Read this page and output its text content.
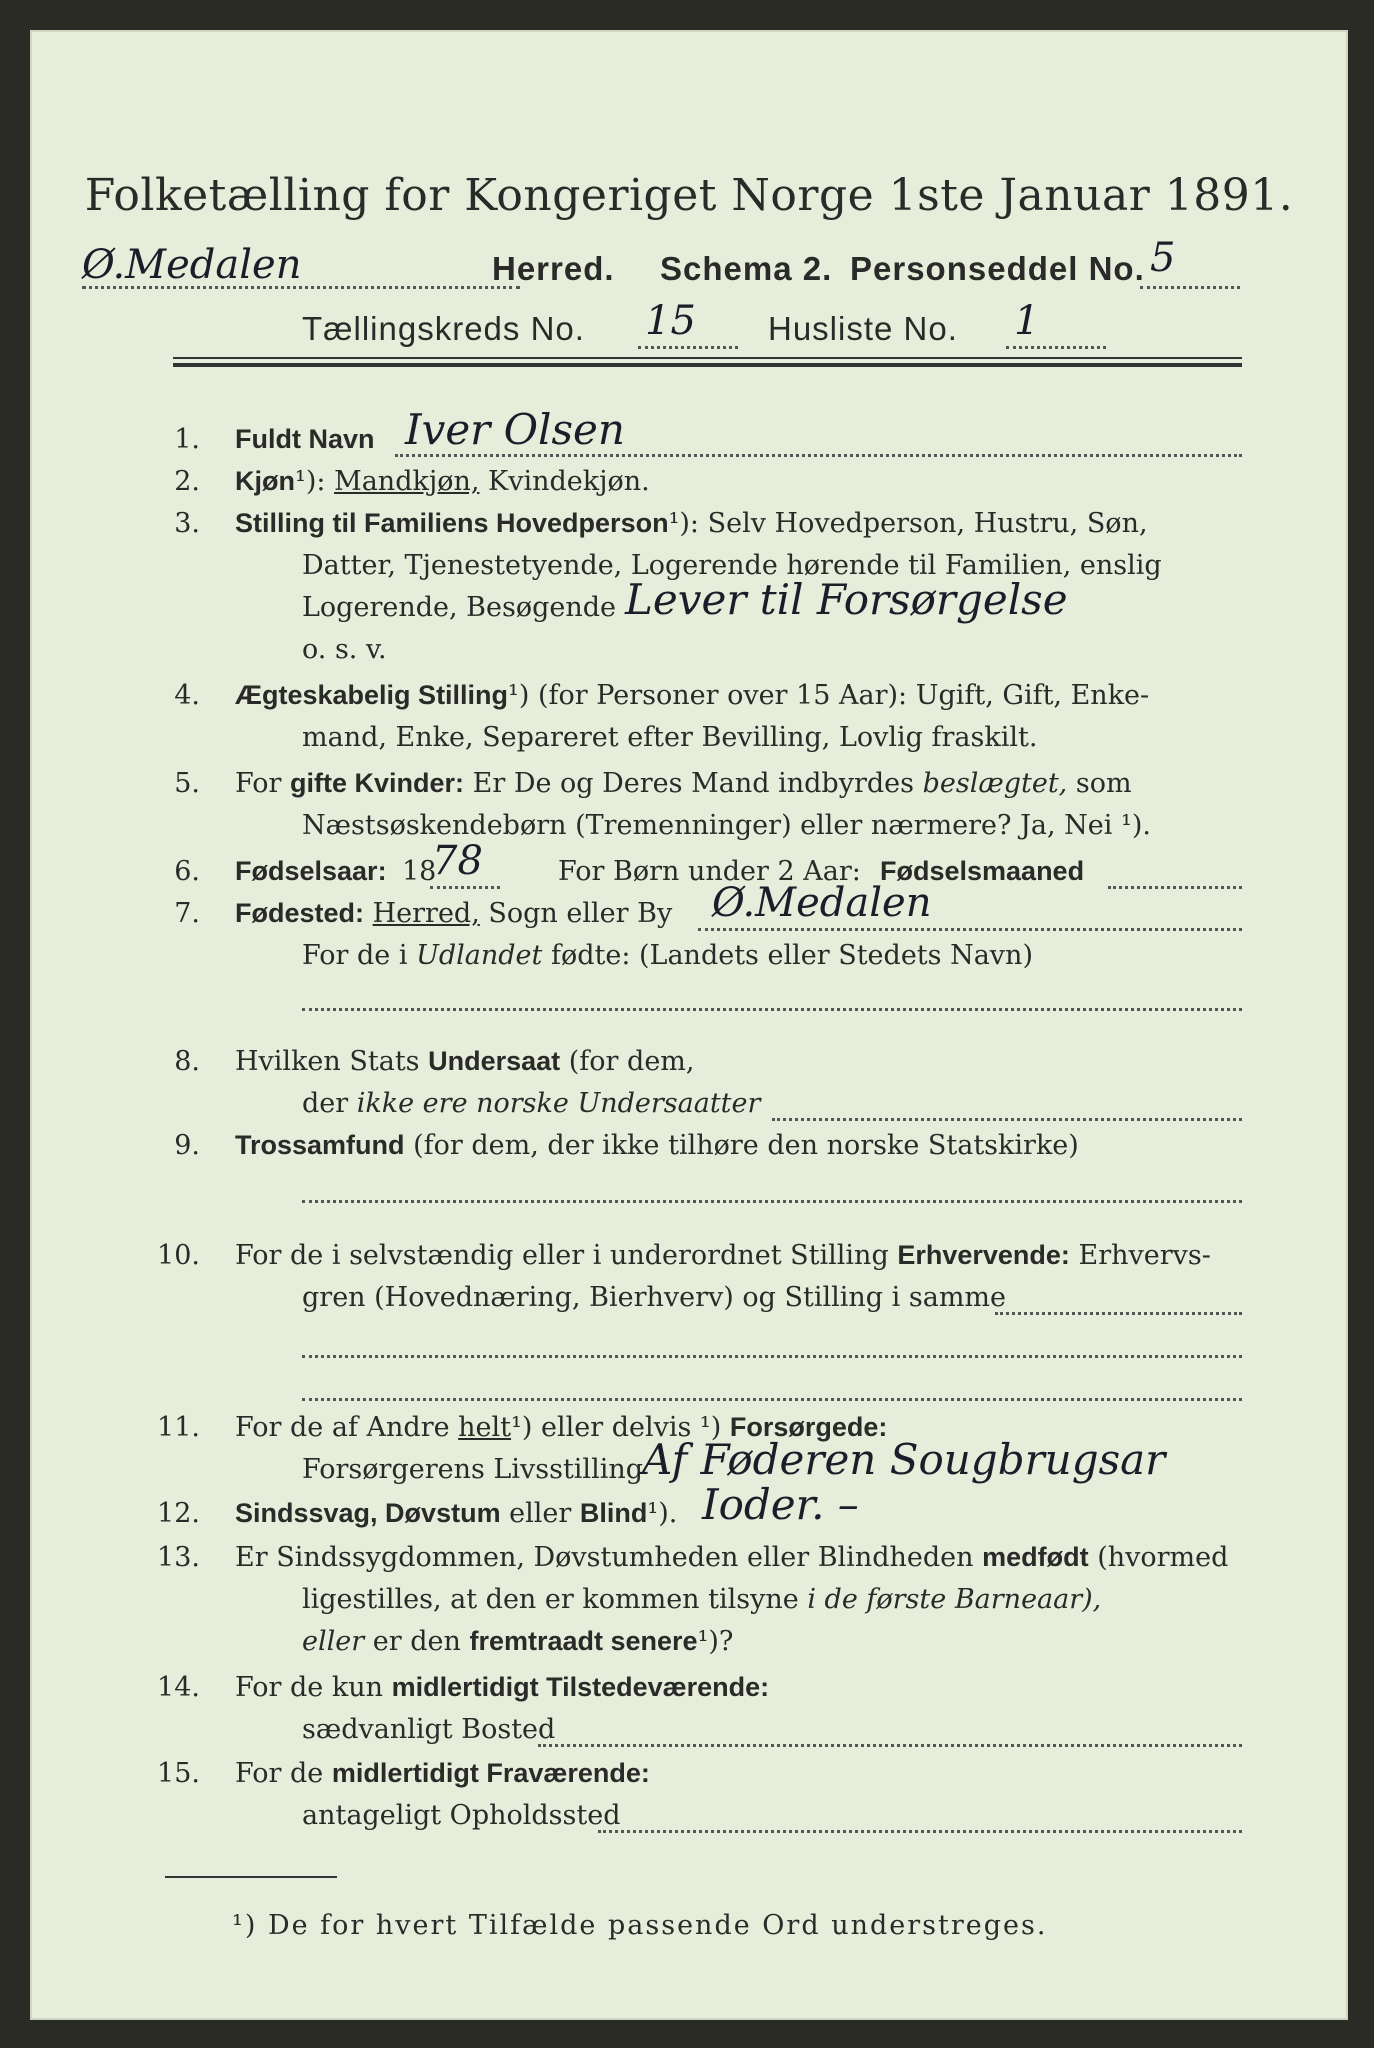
Folketælling for Kongeriget Norge 1ste Januar 1891.
Ø.Medalen	Herred. Schema 2. Personseddel No. 5
Tællingskreds No. 15 Husliste No. 1
1. Fuldt Navn Iver Olsen
2. Kjøn¹): Mandkjøn, Kvindekjøn.
3. Stilling til Familiens Hovedperson¹): Selv Hovedperson, Hustru, Søn,
Datter, Tjenestetyende, Logerende hørende til Familien, enslig
Logerende, Besøgende Lever til Forsørgelse
o. s. v.
4. Ægteskabelig Stilling¹) (for Personer over 15 Aar): Ugift, Gift, Enke-
mand, Enke, Separeret efter Bevilling, Lovlig fraskilt.
5. For gifte Kvinder: Er De og Deres Mand indbyrdes beslægtet, som
Næstsøskendebørn (Tremenninger) eller nærmere? Ja, Nei ¹).
6. Fødselsaar: 18
78	For Børn under 2 Aar: Fødselsmaaned
7. Fødested: Herred, Sogn eller By Ø.Medalen
For de i Udlandet fødte: (Landets eller Stedets Navn)
8. Hvilken Stats Undersaat (for dem,
der ikke ere norske Undersaatter
9. Trossamfund (for dem, der ikke tilhøre den norske Statskirke)
10. For de i selvstændig eller i underordnet Stilling Erhvervende: Erhvervs-
gren (Hovednæring, Bierhverv) og Stilling i samme
11. For de af Andre helt¹) eller delvis ¹) Forsørgede:
Forsørgerens Livsstilling
Af Føderen Sougbrugsar
12. Sindssvag, Døvstum eller Blind¹). Ioder. –
13. Er Sindssygdommen, Døvstumheden eller Blindheden medfødt (hvormed
ligestilles, at den er kommen tilsyne i de første Barneaar),
eller er den fremtraadt senere¹)?
14. For de kun midlertidigt Tilstedeværende:
sædvanligt Bosted
15. For de midlertidigt Fraværende:
antageligt Opholdssted
¹) De for hvert Tilfælde passende Ord understreges.
